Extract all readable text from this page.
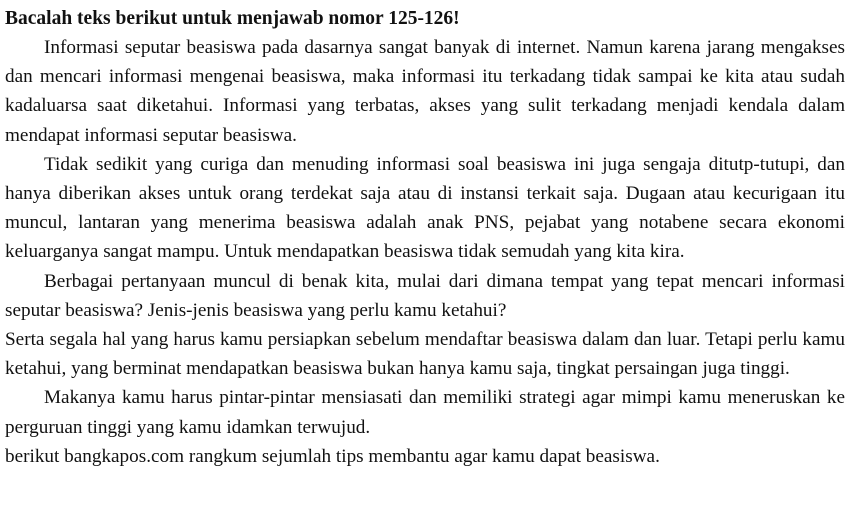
Bacalah teks berikut untuk menjawab nomor 125-126!

Informasi seputar beasiswa pada dasarnya sangat banyak di internet. Namun karena jarang mengakses dan mencari informasi mengenai beasiswa, maka informasi itu terkadang tidak sampai ke kita atau sudah kadaluarsa saat diketahui. Informasi yang terbatas, akses yang sulit terkadang menjadi kendala dalam mendapat informasi seputar beasiswa.

Tidak sedikit yang curiga dan menuding informasi soal beasiswa ini juga sengaja ditutp-tutupi, dan hanya diberikan akses untuk orang terdekat saja atau di instansi terkait saja. Dugaan atau kecurigaan itu muncul, lantaran yang menerima beasiswa adalah anak PNS, pejabat yang notabene secara ekonomi keluarganya sangat mampu. Untuk mendapatkan beasiswa tidak semudah yang kita kira.

Berbagai pertanyaan muncul di benak kita, mulai dari dimana tempat yang tepat mencari informasi seputar beasiswa? Jenis-jenis beasiswa yang perlu kamu ketahui?

Serta segala hal yang harus kamu persiapkan sebelum mendaftar beasiswa dalam dan luar. Tetapi perlu kamu ketahui, yang berminat mendapatkan beasiswa bukan hanya kamu saja, tingkat persaingan juga tinggi.

Makanya kamu harus pintar-pintar mensiasati dan memiliki strategi agar mimpi kamu meneruskan ke perguruan tinggi yang kamu idamkan terwujud.

berikut bangkapos.com rangkum sejumlah tips membantu agar kamu dapat beasiswa.
